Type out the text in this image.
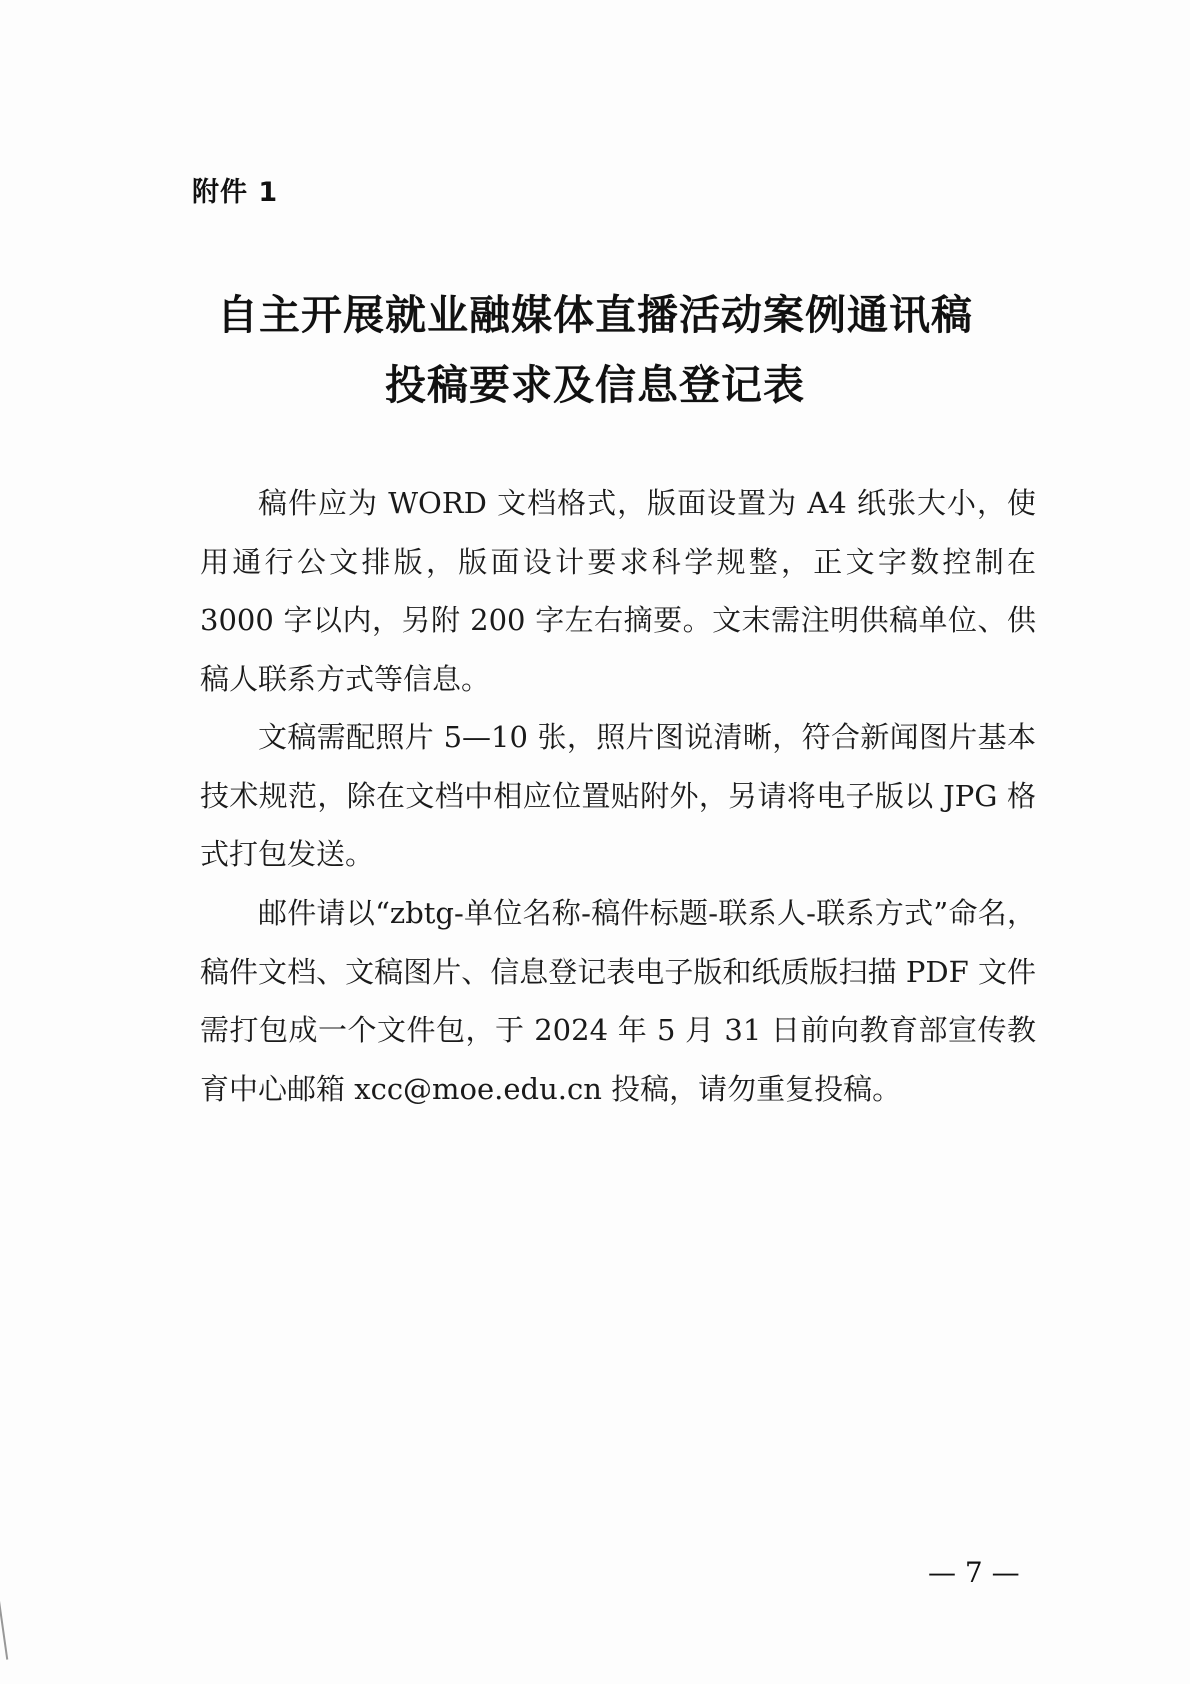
附件 1
自主开展就业融媒体直播活动案例通讯稿
投稿要求及信息登记表

稿件应为 WORD 文档格式，版面设置为 A4 纸张大小，使用通行公文排版，版面设计要求科学规整，正文字数控制在 3000 字以内，另附 200 字左右摘要。文末需注明供稿单位、供稿人联系方式等信息。

文稿需配照片 5—10 张，照片图说清晰，符合新闻图片基本技术规范，除在文档中相应位置贴附外，另请将电子版以 JPG 格式打包发送。

邮件请以“zbtg-单位名称-稿件标题-联系人-联系方式”命名，稿件文档、文稿图片、信息登记表电子版和纸质版扫描 PDF 文件需打包成一个文件包，于 2024 年 5 月 31 日前向教育部宣传教育中心邮箱 xcc@moe.edu.cn 投稿，请勿重复投稿。

— 7 —
